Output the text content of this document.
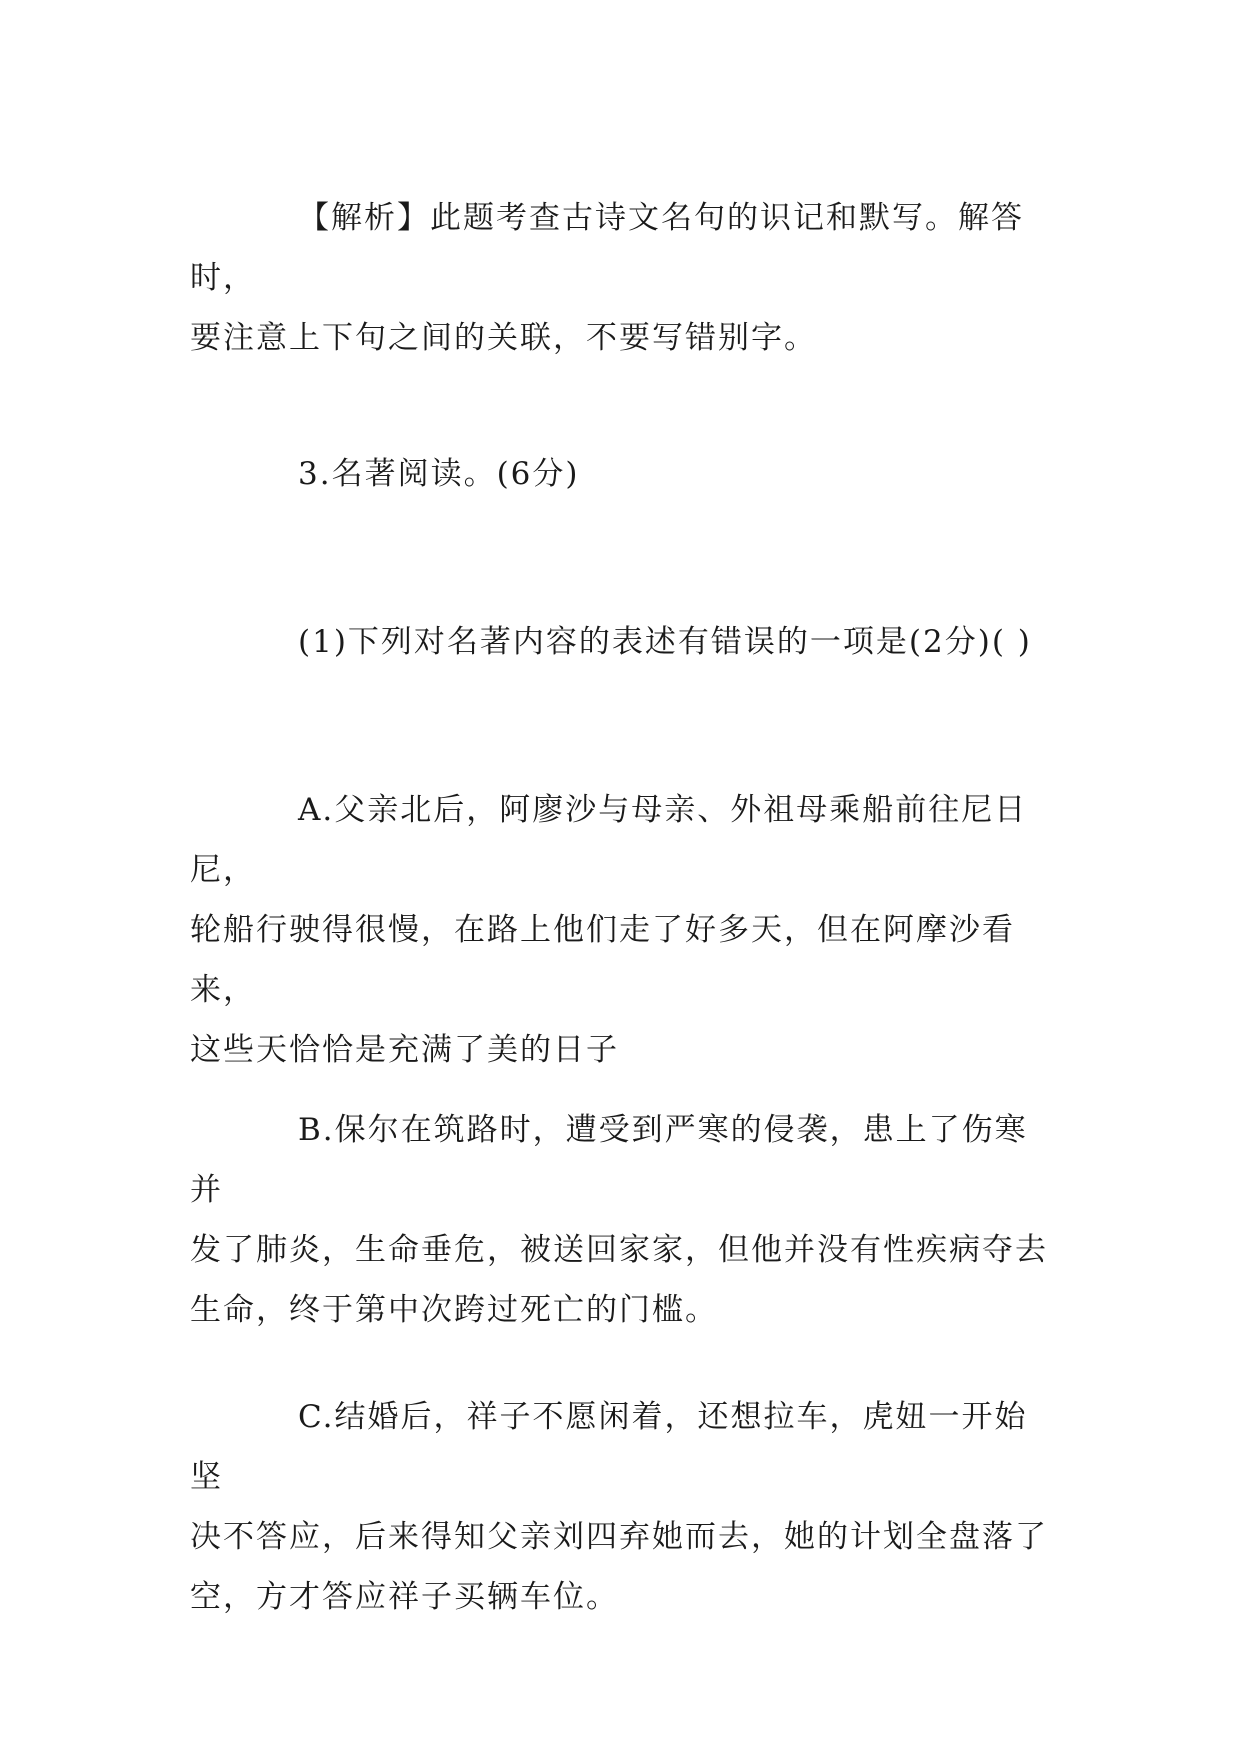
【解析】此题考查古诗文名句的识记和默写。解答时，
要注意上下句之间的关联，不要写错别字。

3.名著阅读。(6分)

(1)下列对名著内容的表述有错误的一项是(2分)( )

A.父亲北后，阿廖沙与母亲、外祖母乘船前往尼日尼，
轮船行驶得很慢，在路上他们走了好多天，但在阿摩沙看来，
这些天恰恰是充满了美的日子

B.保尔在筑路时，遭受到严寒的侵袭，患上了伤寒并
发了肺炎，生命垂危，被送回家家，但他并没有性疾病夺去
生命，终于第中次跨过死亡的门槛。

C.结婚后，祥子不愿闲着，还想拉车，虎妞一开始坚
决不答应，后来得知父亲刘四弃她而去，她的计划全盘落了
空，方才答应祥子买辆车位。
